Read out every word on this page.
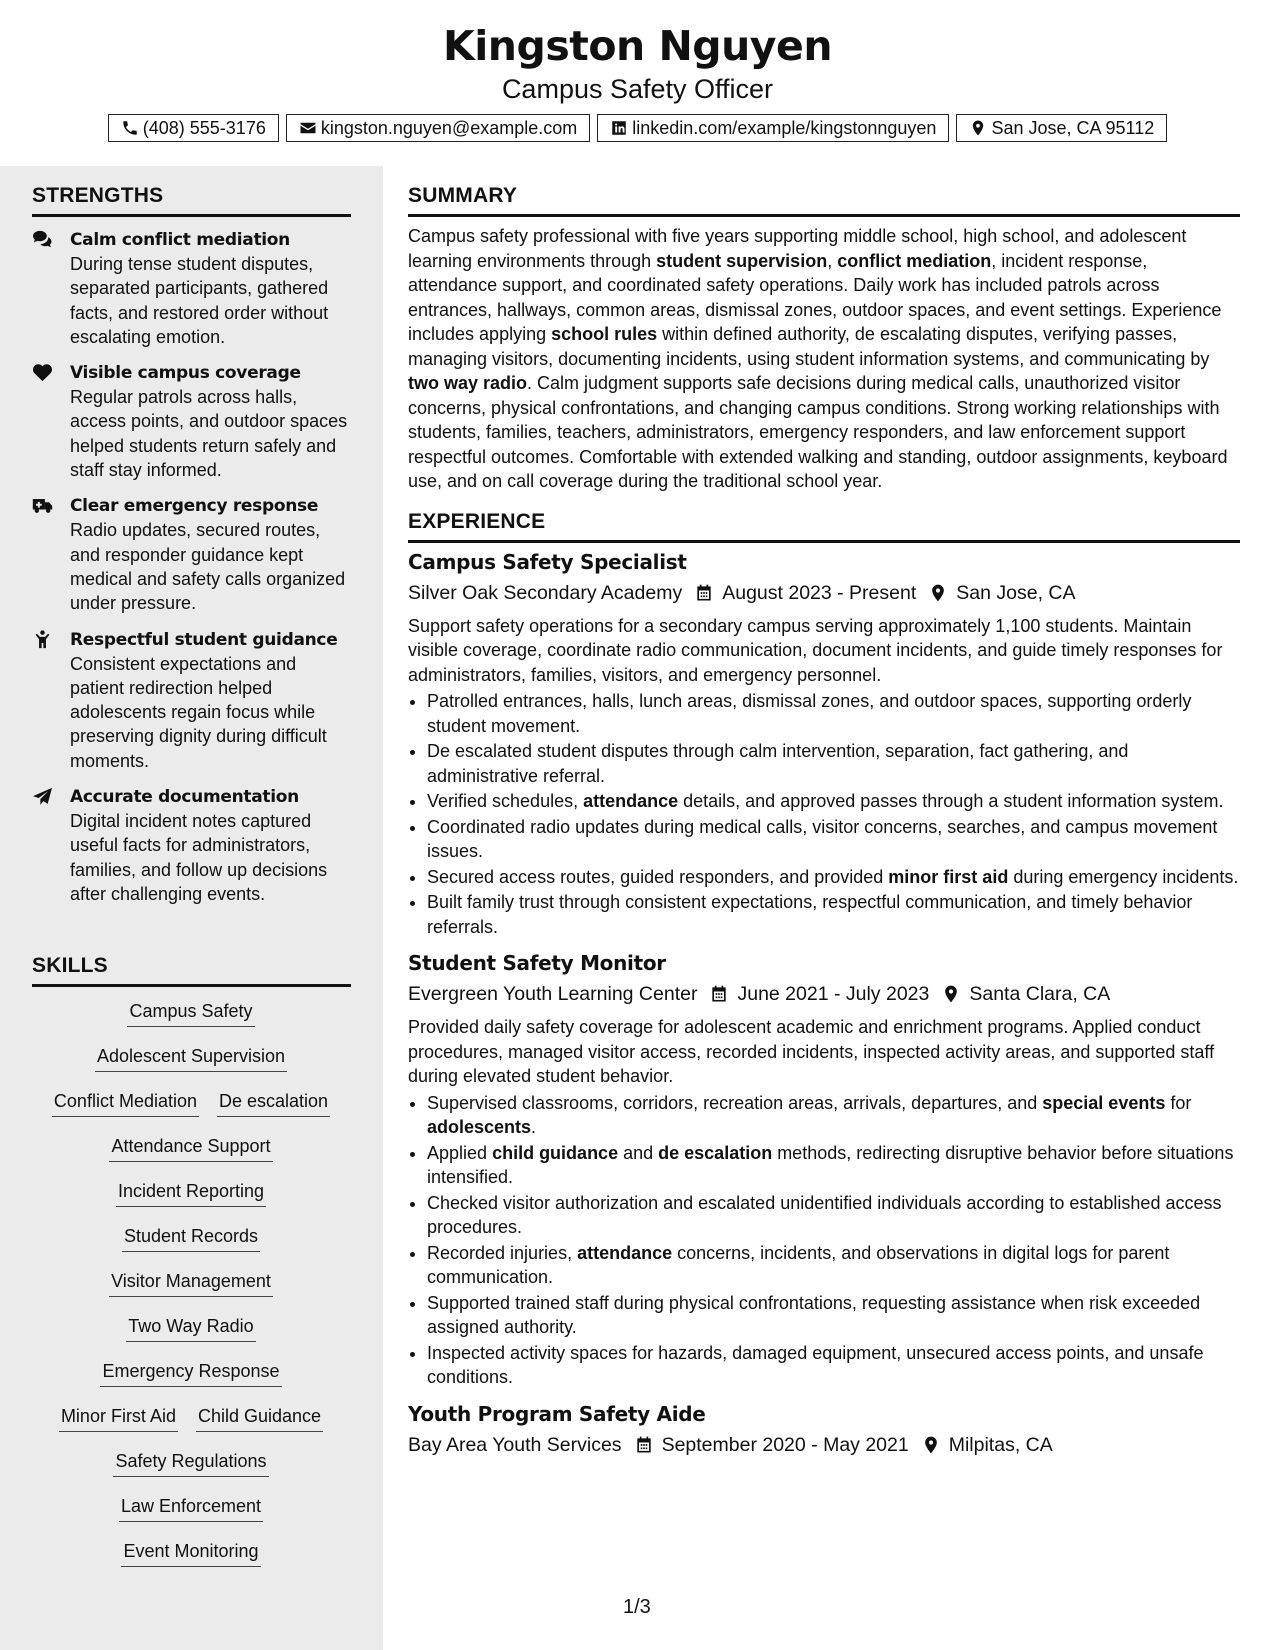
Kingston Nguyen
Campus Safety Officer
(408) 555-3176	kingston.nguyen@example.com	linkedin.com/example/kingstonnguyen	San Jose, CA 95112
STRENGTHS
Calm conflict mediation
During tense student disputes, separated participants, gathered facts, and restored order without escalating emotion.
Visible campus coverage
Regular patrols across halls, access points, and outdoor spaces helped students return safely and staff stay informed.
Clear emergency response
Radio updates, secured routes, and responder guidance kept medical and safety calls organized under pressure.
Respectful student guidance
Consistent expectations and patient redirection helped adolescents regain focus while preserving dignity during difficult moments.
Accurate documentation
Digital incident notes captured useful facts for administrators, families, and follow up decisions after challenging events.
SKILLS
Campus Safety
Adolescent Supervision
Conflict Mediation De escalation
Attendance Support
Incident Reporting
Student Records
Visitor Management
Two Way Radio
Emergency Response
Minor First Aid Child Guidance
Safety Regulations
Law Enforcement
Event Monitoring
SUMMARY

Campus safety professional with five years supporting middle school, high school, and adolescent learning environments through student supervision, conflict mediation, incident response, attendance support, and coordinated safety operations. Daily work has included patrols across entrances, hallways, common areas, dismissal zones, outdoor spaces, and event settings. Experience includes applying school rules within defined authority, de escalating disputes, verifying passes, managing visitors, documenting incidents, using student information systems, and communicating by two way radio. Calm judgment supports safe decisions during medical calls, unauthorized visitor concerns, physical confrontations, and changing campus conditions. Strong working relationships with students, families, teachers, administrators, emergency responders, and law enforcement support respectful outcomes. Comfortable with extended walking and standing, outdoor assignments, keyboard use, and on call coverage during the traditional school year.

EXPERIENCE
Campus Safety Specialist
Silver Oak Secondary Academy August 2023 - Present San Jose, CA

Support safety operations for a secondary campus serving approximately 1,100 students. Maintain visible coverage, coordinate radio communication, document incidents, and guide timely responses for administrators, families, visitors, and emergency personnel.

• Patrolled entrances, halls, lunch areas, dismissal zones, and outdoor spaces, supporting orderly student movement.
• De escalated student disputes through calm intervention, separation, fact gathering, and administrative referral.
• Verified schedules, attendance details, and approved passes through a student information system.
• Coordinated radio updates during medical calls, visitor concerns, searches, and campus movement issues.
• Secured access routes, guided responders, and provided minor first aid during emergency incidents.
• Built family trust through consistent expectations, respectful communication, and timely behavior referrals.
Student Safety Monitor
Evergreen Youth Learning Center June 2021 - July 2023 Santa Clara, CA

Provided daily safety coverage for adolescent academic and enrichment programs. Applied conduct procedures, managed visitor access, recorded incidents, inspected activity areas, and supported staff during elevated student behavior.

• Supervised classrooms, corridors, recreation areas, arrivals, departures, and special events for adolescents.
• Applied child guidance and de escalation methods, redirecting disruptive behavior before situations intensified.
• Checked visitor authorization and escalated unidentified individuals according to established access procedures.
• Recorded injuries, attendance concerns, incidents, and observations in digital logs for parent communication.
• Supported trained staff during physical confrontations, requesting assistance when risk exceeded assigned authority.
• Inspected activity spaces for hazards, damaged equipment, unsecured access points, and unsafe conditions.
Youth Program Safety Aide
Bay Area Youth Services September 2020 - May 2021 Milpitas, CA
1/3
